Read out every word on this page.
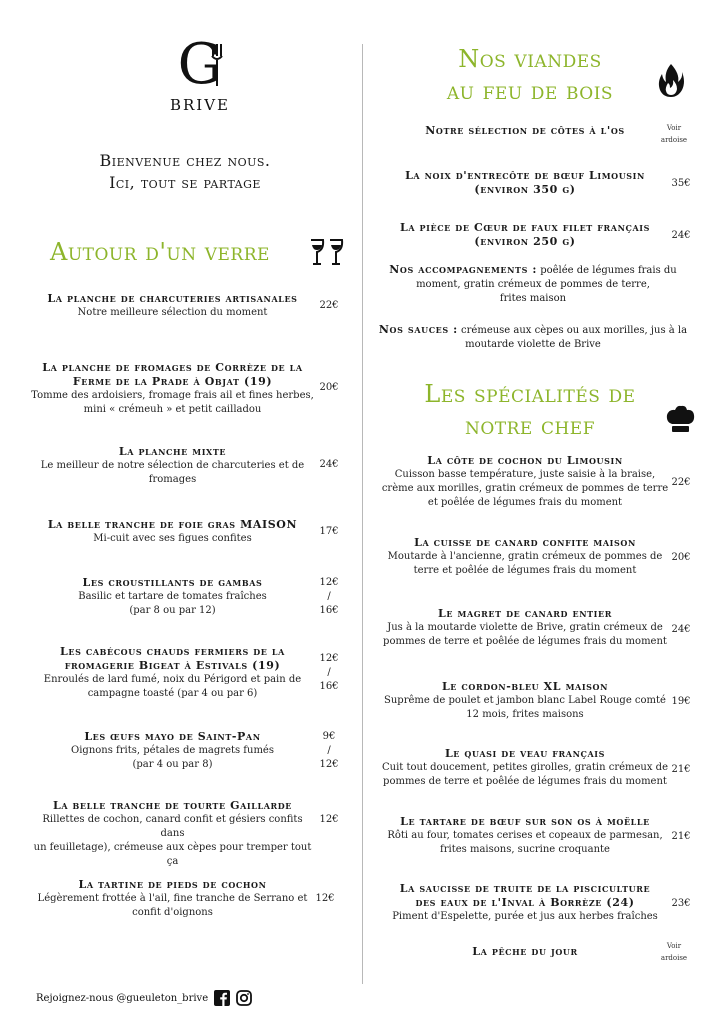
G
BRIVE
Bienvenue chez nous.
Ici, tout se partage
Autour d'un verre
La planche de charcuteries artisanales
Notre meilleure sélection du moment
22€
La planche de fromages de Corrèze de la
Ferme de la Prade à Objat (19)
Tomme des ardoisiers, fromage frais ail et fines herbes,
mini « crémeuh » et petit cailladou
20€
La planche mixte
Le meilleur de notre sélection de charcuteries et de
fromages
24€
La belle tranche de foie gras MAISON
Mi-cuit avec ses figues confites
17€
Les croustillants de gambas
Basilic et tartare de tomates fraîches
(par 8 ou par 12)
12€
/
16€
Les cabécous chauds fermiers de la
fromagerie Bigeat à Estivals (19)
Enroulés de lard fumé, noix du Périgord et pain de
campagne toasté (par 4 ou par 6)
12€
/
16€
Les œufs mayo de Saint-Pan
Oignons frits, pétales de magrets fumés
(par 4 ou par 8)
9€
/
12€
La belle tranche de tourte Gaillarde
Rillettes de cochon, canard confit et gésiers confits dans
un feuilletage), crémeuse aux cèpes pour tremper tout ça
12€
La tartine de pieds de cochon
Légèrement frottée à l'ail, fine tranche de Serrano et
confit d'oignons
12€
Nos viandes
au feu de bois
Notre sélection de côtes à l'os	Voir
ardoise
La noix d'entrecôte de bœuf Limousin
(environ 350 g)	35€
La pièce de Cœur de faux filet français
(environ 250 g)	24€
Nos accompagnements : poêlée de légumes frais du
moment, gratin crémeux de pommes de terre,
frites maison
Nos sauces : crémeuse aux cèpes ou aux morilles, jus à la
moutarde violette de Brive
Les spécialités de
notre chef
La côte de cochon du Limousin
Cuisson basse température, juste saisie à la braise,
crème aux morilles, gratin crémeux de pommes de terre
et poêlée de légumes frais du moment
22€
La cuisse de canard confite maison
Moutarde à l'ancienne, gratin crémeux de pommes de
terre et poêlée de légumes frais du moment
20€
Le magret de canard entier
Jus à la moutarde violette de Brive, gratin crémeux de
pommes de terre et poêlée de légumes frais du moment
24€
Le cordon-bleu XL maison
Suprême de poulet et jambon blanc Label Rouge comté
12 mois, frites maisons
19€
Le quasi de veau français
Cuit tout doucement, petites girolles, gratin crémeux de
pommes de terre et poêlée de légumes frais du moment
21€
Le tartare de bœuf sur son os à moëlle
Rôti au four, tomates cerises et copeaux de parmesan,
frites maisons, sucrine croquante
21€
La saucisse de truite de la pisciculture
des eaux de l'Inval à Borrèze (24)
Piment d'Espelette, purée et jus aux herbes fraîches
23€
La pêche du jour	Voir
ardoise
Rejoignez-nous @gueuleton_brive
